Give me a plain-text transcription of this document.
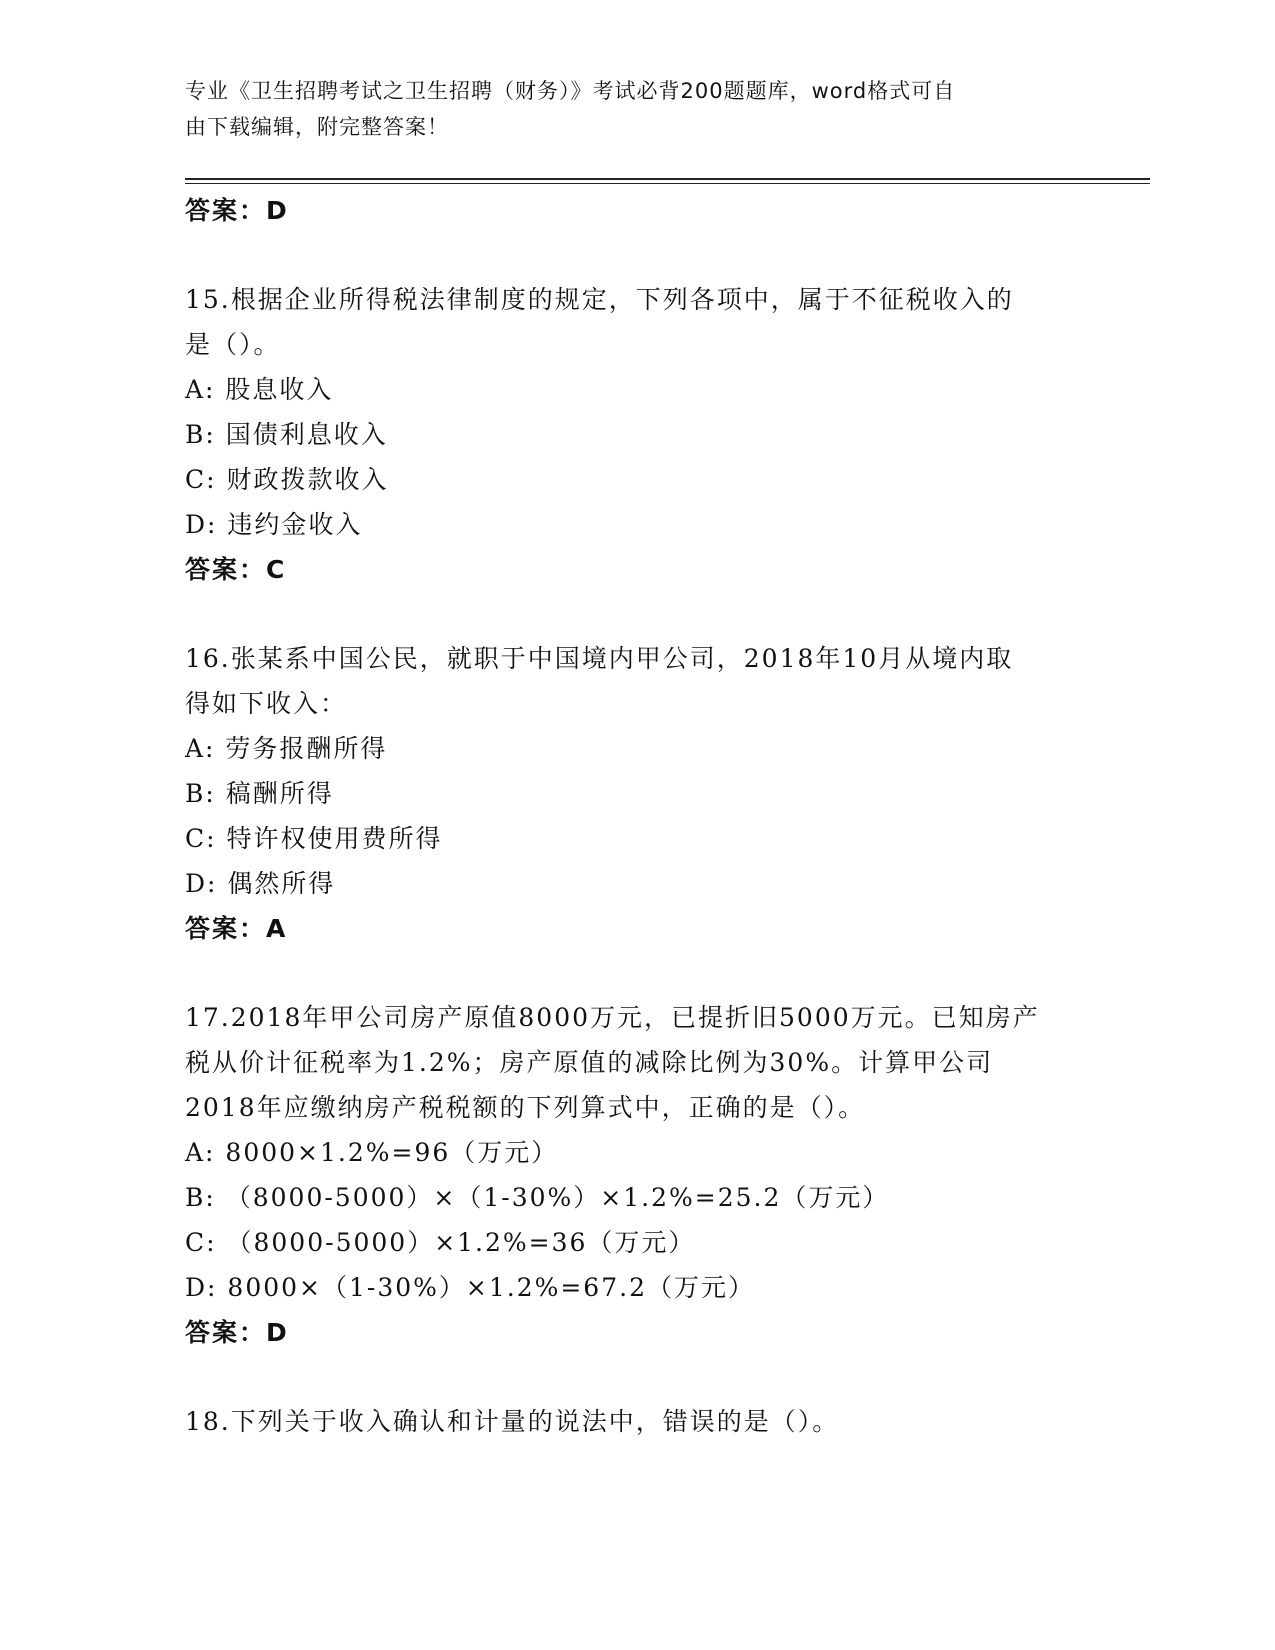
专业《卫生招聘考试之卫生招聘（财务）》考试必背200题题库，word格式可自
由下载编辑，附完整答案！
答案：D
15.根据企业所得税法律制度的规定，下列各项中，属于不征税收入的
是（）。
A: 股息收入
B: 国债利息收入
C: 财政拨款收入
D: 违约金收入
答案：C
16.张某系中国公民，就职于中国境内甲公司，2018年10月从境内取
得如下收入：
A: 劳务报酬所得
B: 稿酬所得
C: 特许权使用费所得
D: 偶然所得
答案：A
17.2018年甲公司房产原值8000万元，已提折旧5000万元。已知房产
税从价计征税率为1.2%；房产原值的减除比例为30%。计算甲公司
2018年应缴纳房产税税额的下列算式中，正确的是（）。
A: 8000×1.2%=96（万元）
B: （8000-5000）×（1-30%）×1.2%=25.2（万元）
C: （8000-5000）×1.2%=36（万元）
D: 8000×（1-30%）×1.2%=67.2（万元）
答案：D
18.下列关于收入确认和计量的说法中，错误的是（）。
